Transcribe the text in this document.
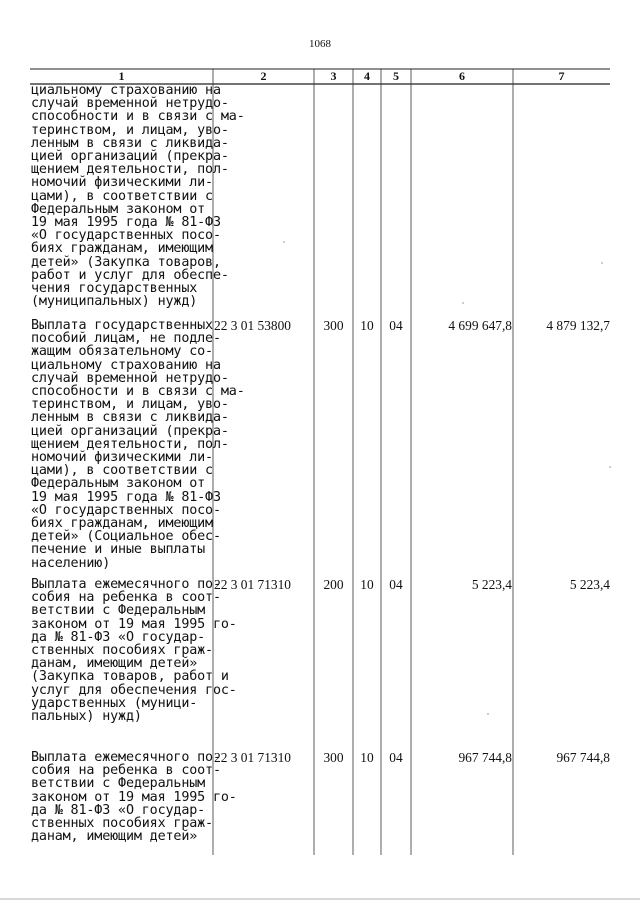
1068
1	2	3	4	5	6	7
циальному страхованию на
случай временной нетрудо-
способности и в связи с ма-
теринством, и лицам, уво-
ленным в связи с ликвида-
цией организаций (прекра-
щением деятельности, пол-
номочий физическими ли-
цами), в соответствии с
Федеральным законом от
19 мая 1995 года № 81-ФЗ
«О государственных посо-
биях гражданам, имеющим
детей» (Закупка товаров,
работ и услуг для обеспе-
чения государственных
(муниципальных) нужд)
Выплата государственных
пособий лицам, не подле-
жащим обязательному со-
циальному страхованию на
случай временной нетрудо-
способности и в связи с ма-
теринством, и лицам, уво-
ленным в связи с ликвида-
цией организаций (прекра-
щением деятельности, пол-
номочий физическими ли-
цами), в соответствии с
Федеральным законом от
19 мая 1995 года № 81-ФЗ
«О государственных посо-
биях гражданам, имеющим
детей» (Социальное обес-
печение и иные выплаты
населению)
22 3 01 53800	300	10	04	4 699 647,8	4 879 132,7
Выплата ежемесячного по-
собия на ребенка в соот-
ветствии с Федеральным
законом от 19 мая 1995 го-
да № 81-ФЗ «О государ-
ственных пособиях граж-
данам, имеющим детей»
(Закупка товаров, работ и
услуг для обеспечения гос-
ударственных (муници-
пальных) нужд)
22 3 01 71310	200	10	04	5 223,4	5 223,4
Выплата ежемесячного по-
собия на ребенка в соот-
ветствии с Федеральным
законом от 19 мая 1995 го-
да № 81-ФЗ «О государ-
ственных пособиях граж-
данам, имеющим детей»
22 3 01 71310	300	10	04	967 744,8	967 744,8
